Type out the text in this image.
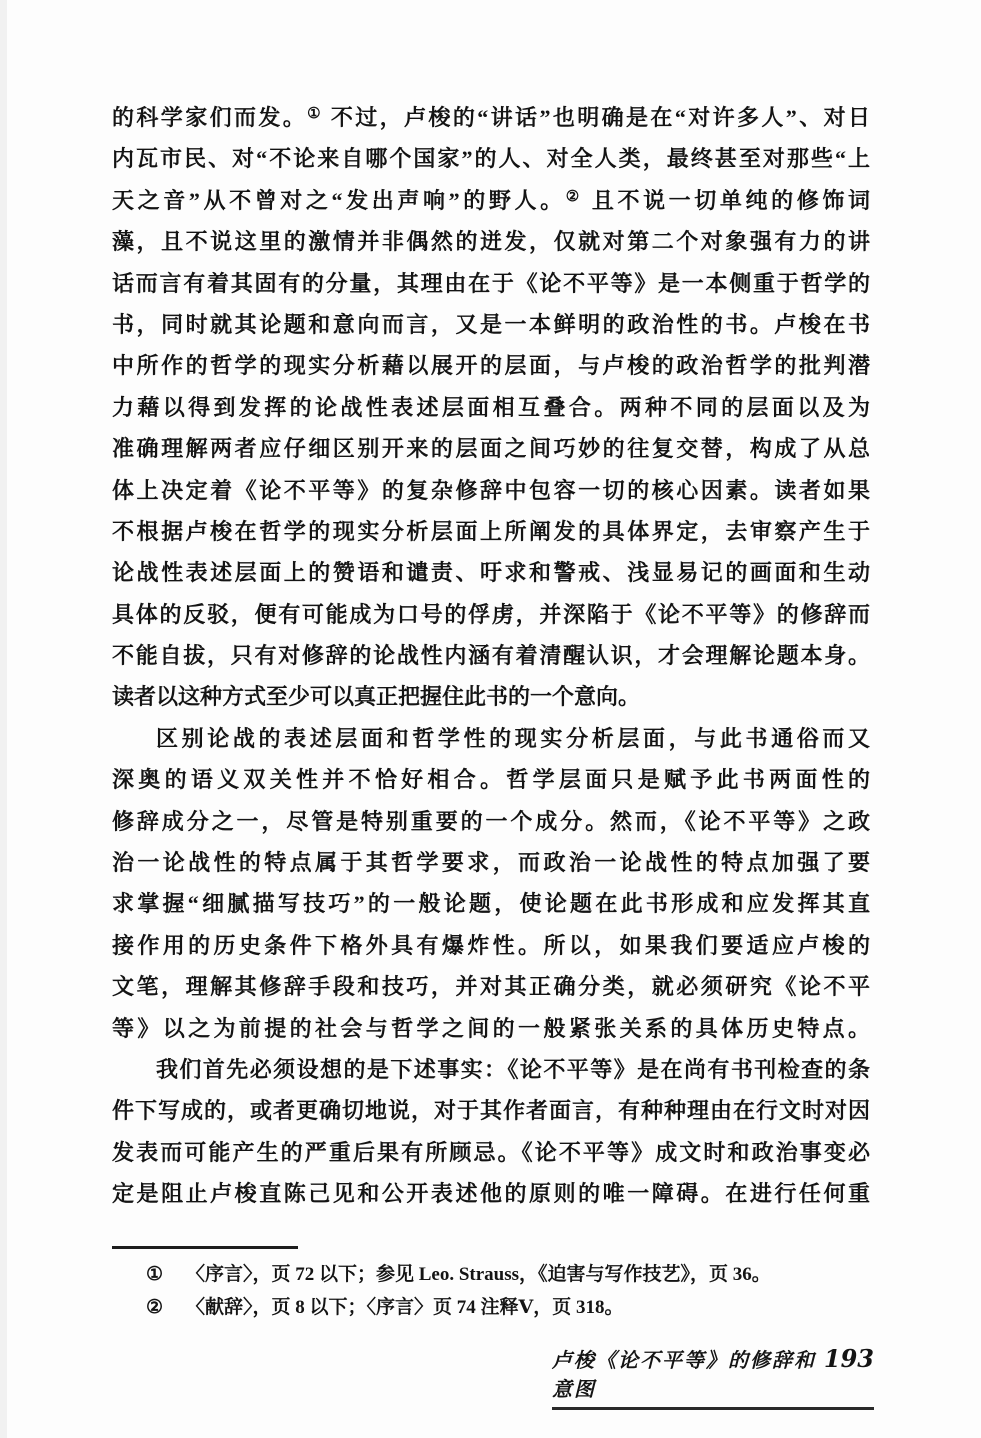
的科学家们而发。① 不过，卢梭的“讲话”也明确是在“对许多人”、对日
内瓦市民、对“不论来自哪个国家”的人、对全人类，最终甚至对那些“上
天之音”从不曾对之“发出声响”的野人。② 且不说一切单纯的修饰词
藻，且不说这里的激情并非偶然的迸发，仅就对第二个对象强有力的讲
话而言有着其固有的分量，其理由在于《论不平等》是一本侧重于哲学的
书，同时就其论题和意向而言，又是一本鲜明的政治性的书。卢梭在书
中所作的哲学的现实分析藉以展开的层面，与卢梭的政治哲学的批判潜
力藉以得到发挥的论战性表述层面相互叠合。两种不同的层面以及为
准确理解两者应仔细区别开来的层面之间巧妙的往复交替，构成了从总
体上决定着《论不平等》的复杂修辞中包容一切的核心因素。读者如果
不根据卢梭在哲学的现实分析层面上所阐发的具体界定，去审察产生于
论战性表述层面上的赞语和谴责、吁求和警戒、浅显易记的画面和生动
具体的反驳，便有可能成为口号的俘虏，并深陷于《论不平等》的修辞而
不能自拔，只有对修辞的论战性内涵有着清醒认识，才会理解论题本身。
读者以这种方式至少可以真正把握住此书的一个意向。
区别论战的表述层面和哲学性的现实分析层面，与此书通俗而又
深奥的语义双关性并不恰好相合。哲学层面只是赋予此书两面性的
修辞成分之一，尽管是特别重要的一个成分。然而，《论不平等》之政
治一论战性的特点属于其哲学要求，而政治一论战性的特点加强了要
求掌握“细腻描写技巧”的一般论题，使论题在此书形成和应发挥其直
接作用的历史条件下格外具有爆炸性。所以，如果我们要适应卢梭的
文笔，理解其修辞手段和技巧，并对其正确分类，就必须研究《论不平
等》以之为前提的社会与哲学之间的一般紧张关系的具体历史特点。
我们首先必须设想的是下述事实：《论不平等》是在尚有书刊检查的条
件下写成的，或者更确切地说，对于其作者面言，有种种理由在行文时对因
发表而可能产生的严重后果有所顾忌。《论不平等》成文时和政治事变必
定是阻止卢梭直陈己见和公开表述他的原则的唯一障碍。在进行任何重
①	〈序言〉，页 72 以下；参见 Leo. Strauss，《迫害与写作技艺》，页 36。
②	〈献辞〉，页 8 以下；〈序言〉页 74 注释Ⅴ，页 318。
卢梭《论不平等》的修辞和意图
193
